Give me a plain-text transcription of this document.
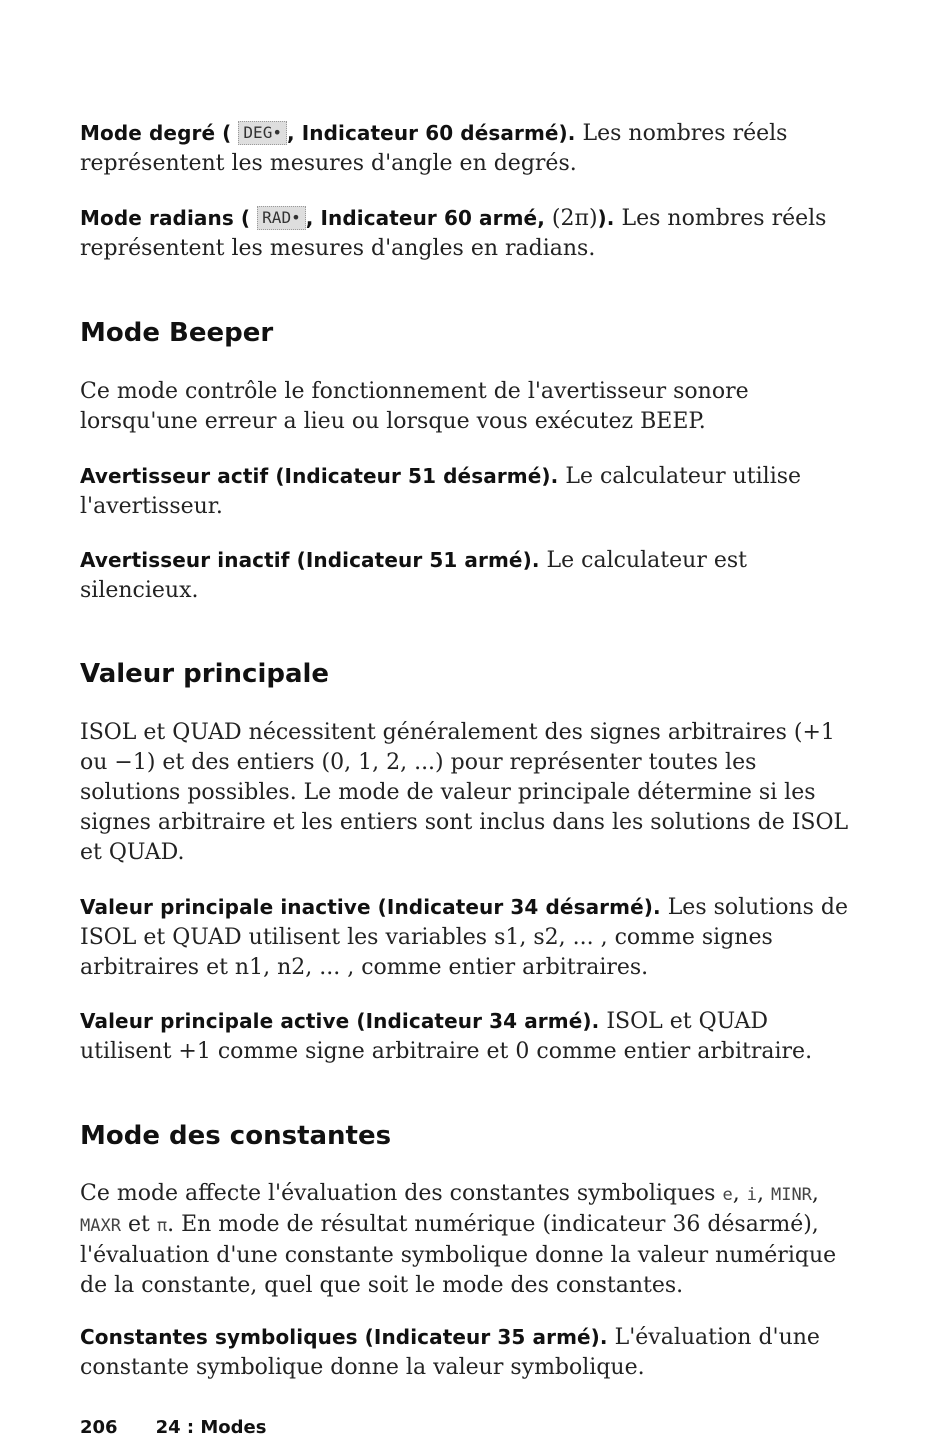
Mode degré ( DEG• , Indicateur 60 désarmé). Les nombres réels représentent les mesures d'angle en degrés.

Mode radians ( RAD• , Indicateur 60 armé, (2π)). Les nombres réels représentent les mesures d'angles en radians.

Mode Beeper

Ce mode contrôle le fonctionnement de l'avertisseur sonore lorsqu'une erreur a lieu ou lorsque vous exécutez BEEP.

Avertisseur actif (Indicateur 51 désarmé). Le calculateur utilise l'avertisseur.

Avertisseur inactif (Indicateur 51 armé). Le calculateur est silencieux.

Valeur principale

ISOL et QUAD nécessitent généralement des signes arbitraires (+1 ou −1) et des entiers (0, 1, 2, ...) pour représenter toutes les solutions possibles. Le mode de valeur principale détermine si les signes arbitraire et les entiers sont inclus dans les solutions de ISOL et QUAD.

Valeur principale inactive (Indicateur 34 désarmé). Les solutions de ISOL et QUAD utilisent les variables s1, s2, ... , comme signes arbitraires et n1, n2, ... , comme entier arbitraires.

Valeur principale active (Indicateur 34 armé). ISOL et QUAD utilisent +1 comme signe arbitraire et 0 comme entier arbitraire.

Mode des constantes

Ce mode affecte l'évaluation des constantes symboliques e, i, MINR, MAXR et π. En mode de résultat numérique (indicateur 36 désarmé), l'évaluation d'une constante symbolique donne la valeur numérique de la constante, quel que soit le mode des constantes.

Constantes symboliques (Indicateur 35 armé). L'évaluation d'une constante symbolique donne la valeur symbolique.

206 24 : Modes
